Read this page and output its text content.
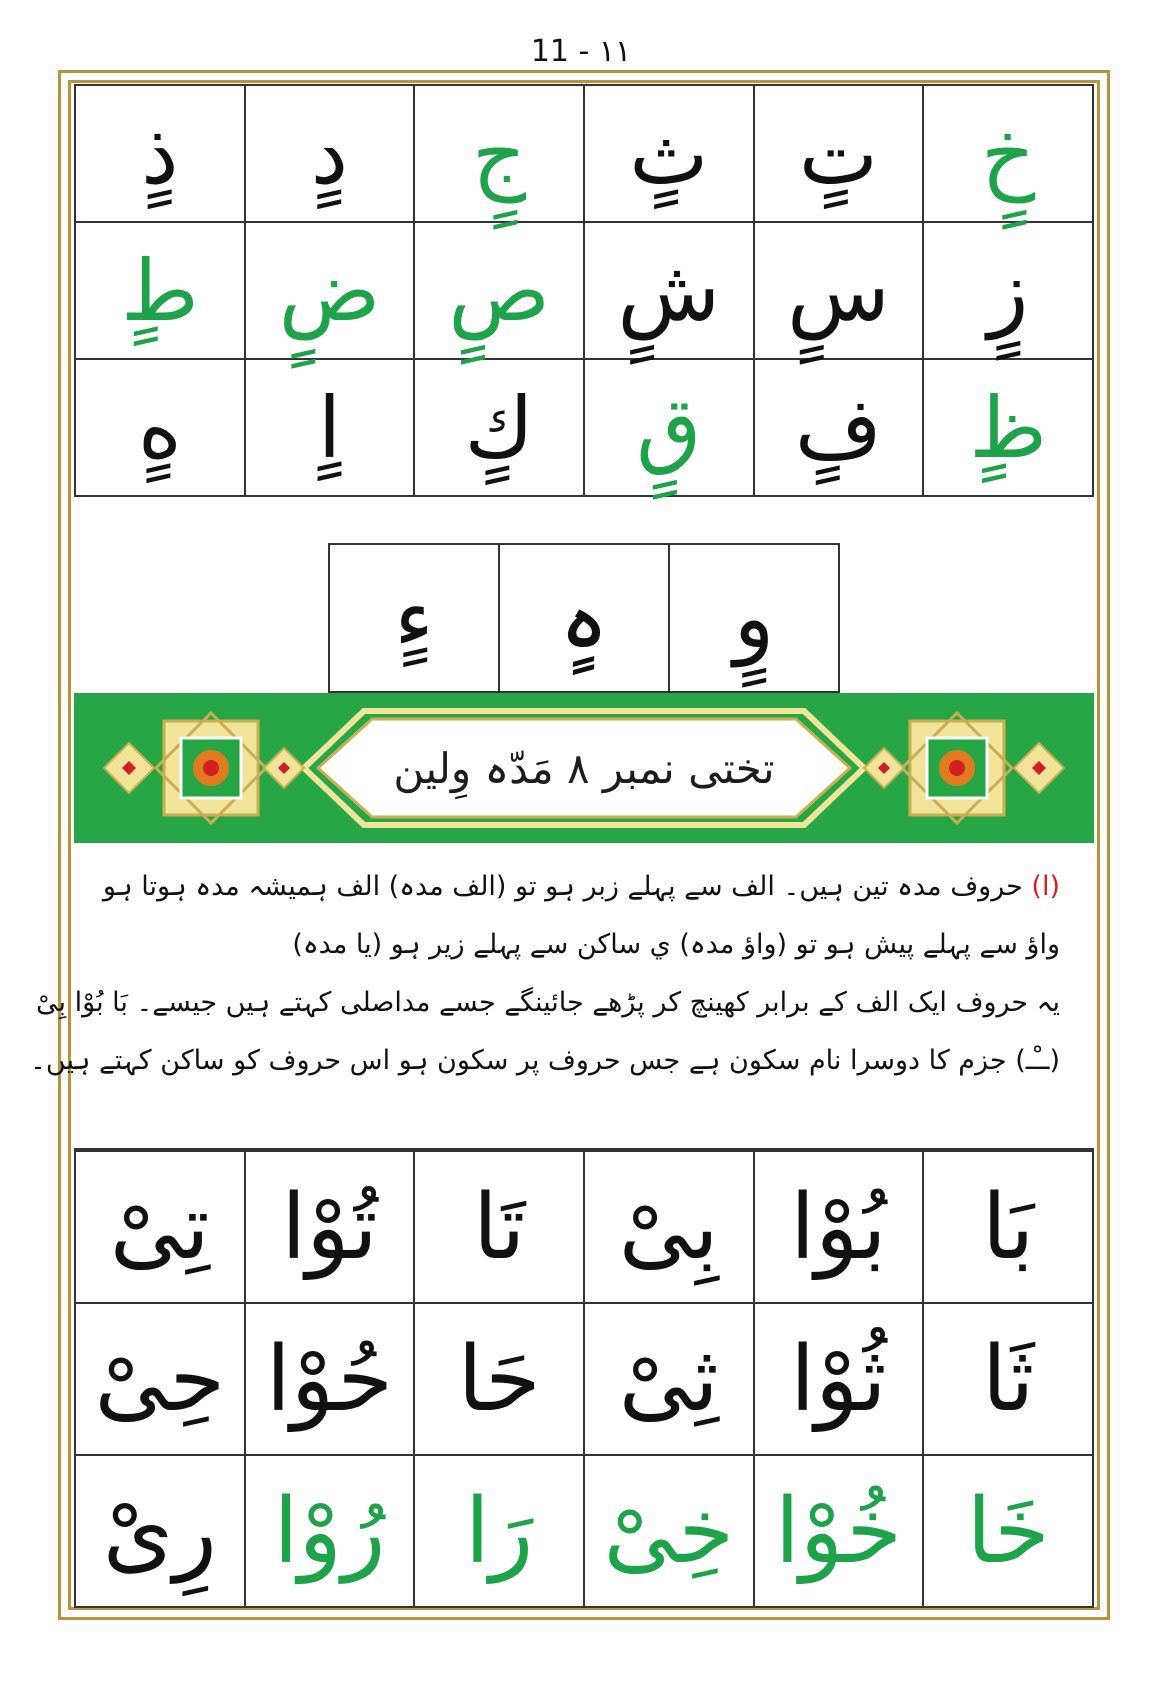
11 - ١١
ذٍ	دٍ	جٍ	ثٍ	تٍ	خٍ
طٍ	ضٍ	صٍ	شٍ	سٍ	زٍ
هٍ	اٍ	كٍ	قٍ	فٍ	ظٍ
ءٍ	ہٍ	وٍ
تختی نمبر ۸ مَدّہ وِلین

(ا) حروف مدہ تین ہیں۔ الف سے پہلے زبر ہو تو (الف مدہ) الف ہمیشہ مدہ ہوتا ہو

واؤ سے پہلے پیش ہو تو (واؤ مدہ) ي ساکن سے پہلے زیر ہو (یا مدہ)

یہ حروف ایک الف کے برابر کھینچ کر پڑھے جائینگے جسے مداصلی کہتے ہیں جیسے۔ بَا بُوْا بِیْ

(ــْـ) جزم کا دوسرا نام سکون ہے جس حروف پر سکون ہو اس حروف کو ساکن کہتے ہیں۔

تِیْ	تُوْا	تَا	بِیْ	بُوْا	بَا
حِیْ	حُوْا	حَا	ثِیْ	ثُوْا	ثَا
رِیْ	رُوْا	رَا	خِیْ	خُوْا	خَا
